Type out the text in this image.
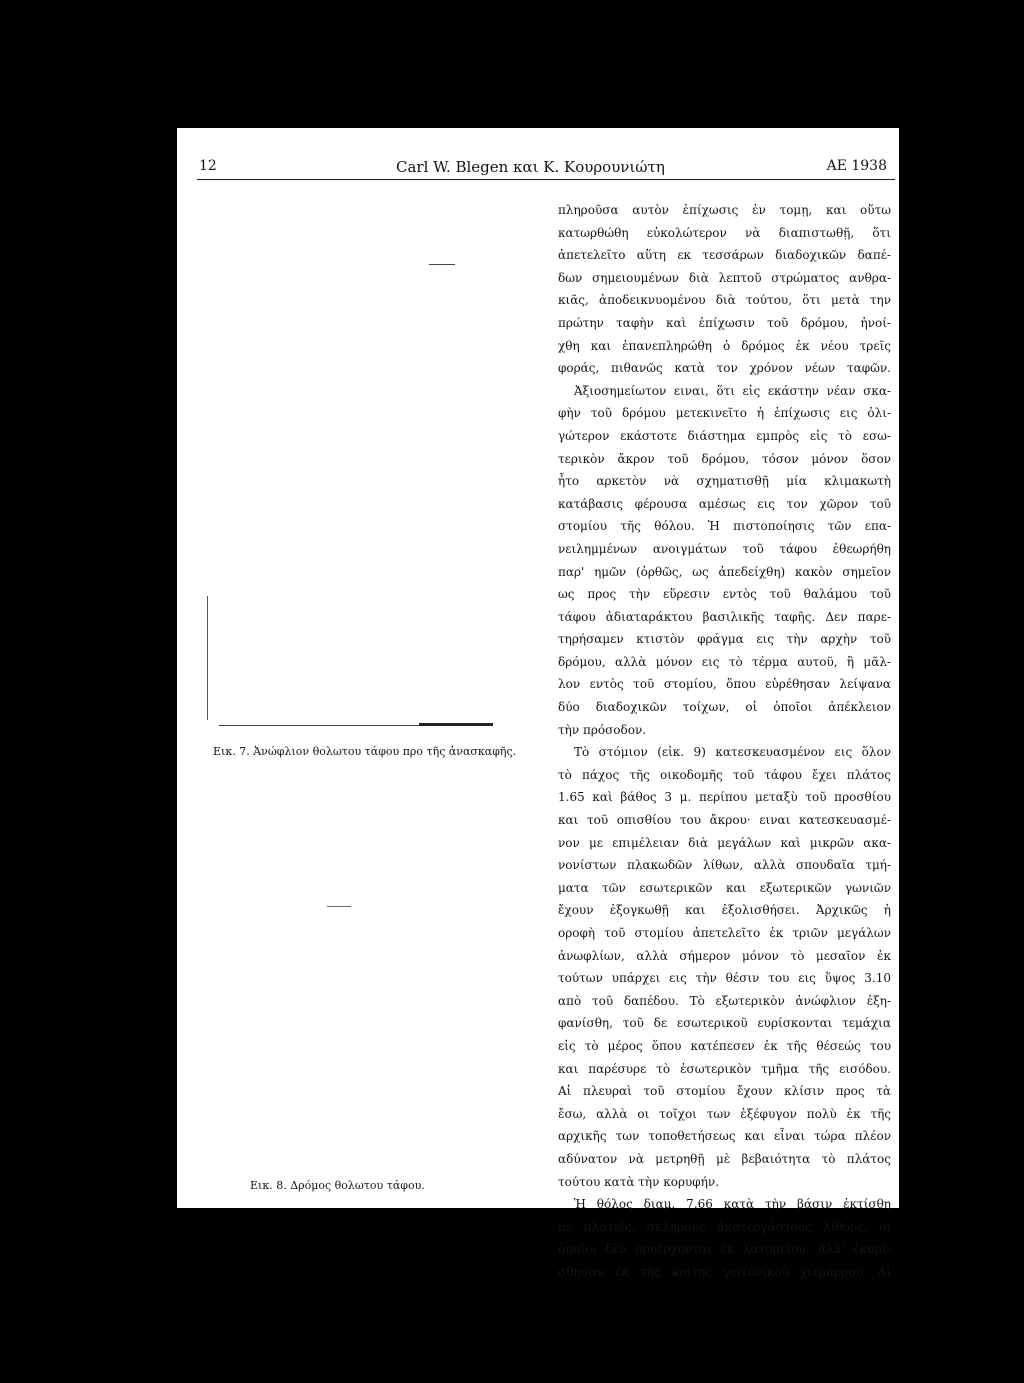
12	Carl W. Blegen και Κ. Κουρουνιώτη	ΑΕ 1938
Εικ. 7. Ἀνώφλιον θολωτου τάφου προ τῆς ἀνασκαφῆς.
Εικ. 8. Δρόμος θολωτου τάφου.
πληροῦσα αυτὸν ἐπίχωσις ἐν τομῃ, και οὕτω
κατωρθώθη εὐκολώτερον νὰ διαπιστωθῇ, ὅτι
ἀπετελεῖτο αὕτη εκ τεσσάρων διαδοχικῶν δαπέ-
δων σημειουμένων διὰ λεπτοῦ στρώματος ανθρα-
κιᾶς, ἀποδεικνυομένου διὰ τούτου, ὅτι μετὰ την
πρώτην ταφὴν καὶ ἐπίχωσιν τοῦ δρόμου, ἠνοί-
χθη και ἐπανεπληρώθη ὁ δρόμος ἐκ νέου τρεῖς
φοράς, πιθανῶς κατὰ τον χρόνον νέων ταφῶν.
Ἀξιοσημείωτον ειναι, ὅτι εἰς εκάστην νέαν σκα-
φὴν τοῦ δρόμου μετεκινεῖτο ἡ ἐπίχωσις εις ὀλι-
γώτερον εκάστοτε διάστημα εμπρὸς εἰς τὸ εσω-
τερικὸν ἄκρον τοῦ δρόμου, τόσον μόνον ὅσον
ἦτο αρκετὸν νὰ σχηματισθῇ μία κλιμακωτὴ
κατάβασις φέρουσα αμέσως εις τον χῶρον τοῦ
στομίου τῆς θόλου. Ἡ πιστοποίησις τῶν επα-
νειλημμένων ανοιγμάτων τοῦ τάφου ἐθεωρήθη
παρ' ημῶν (ὀρθῶς, ως ἀπεδείχθη) κακὸν σημεῖον
ως προς τὴν εὕρεσιν εντὸς τοῦ θαλάμου τοῦ
τάφου ἀδιαταράκτου βασιλικῆς ταφῆς. Δεν παρε-
τηρήσαμεν κτιστὸν φράγμα εις τὴν αρχὴν τοῦ
δρόμου, αλλὰ μόνον εις τὸ τέρμα αυτοῦ, ἢ μᾶλ-
λον εντὸς τοῦ στομίου, ὅπου εὑρέθησαν λείψανα
δύο διαδοχικῶν τοίχων, οἱ ὁποῖοι ἀπέκλειον
τὴν πρόσοδον.
Τὸ στόμιον (εἰκ. 9) κατεσκευασμένον εις ὅλον
τὸ πάχος τῆς οικοδομῆς τοῦ τάφου ἔχει πλάτος
1.65 καὶ βάθος 3 μ. περίπου μεταξὺ τοῦ προσθίου
και τοῦ οπισθίου του ἄκρου· ειναι κατεσκευασμέ-
νον με επιμέλειαν διὰ μεγάλων καὶ μικρῶν ακα-
νονίστων πλακωδῶν λίθων, αλλὰ σπουδαῖα τμή-
ματα τῶν εσωτερικῶν και εξωτερικῶν γωνιῶν
ἔχουν ἐξογκωθῇ και ἐξολισθήσει. Ἀρχικῶς ἡ
οροφὴ τοῦ στομίου ἀπετελεῖτο ἐκ τριῶν μεγάλων
ἀνωφλίων, αλλὰ σήμερον μόνον τὸ μεσαῖον ἐκ
τούτων υπάρχει εις τὴν θέσιν του εις ὕψος 3.10
απὸ τοῦ δαπέδου. Τὸ εξωτερικὸν ἀνώφλιον ἐξη-
φανίσθη, τοῦ δε εσωτερικοῦ ευρίσκονται τεμάχια
εἰς τὸ μέρος ὅπου κατέπεσεν ἐκ τῆς θέσεώς του
και παρέσυρε τὸ ἐσωτερικὸν τμῆμα τῆς εισόδου.
Αἱ πλευραὶ τοῦ στομίου ἔχουν κλίσιν προς τὰ
ἔσω, αλλὰ οι τοῖχοι των ἐξέφυγον πολὺ ἐκ τῆς
αρχικῆς των τοποθετήσεως και εἶναι τώρα πλέον
αδύνατον νὰ μετρηθῇ μὲ βεβαιότητα τὸ πλάτος
τούτου κατὰ τὴν κορυφήν.
Ἡ θόλος διαμ. 7.66 κατὰ τὴν βάσιν ἐκτίσθη
μὲ πλατεῖς, σκληροὺς ἀκατεργάστους λίθους, οἱ
ὁποῖοι δὲν προέρχονται ἐκ λατομείου, ἀλλ' ἐκομί-
σθησαν ἐκ τῆς κοίτης γειτονικοῦ χειμάρρου. Αἱ
